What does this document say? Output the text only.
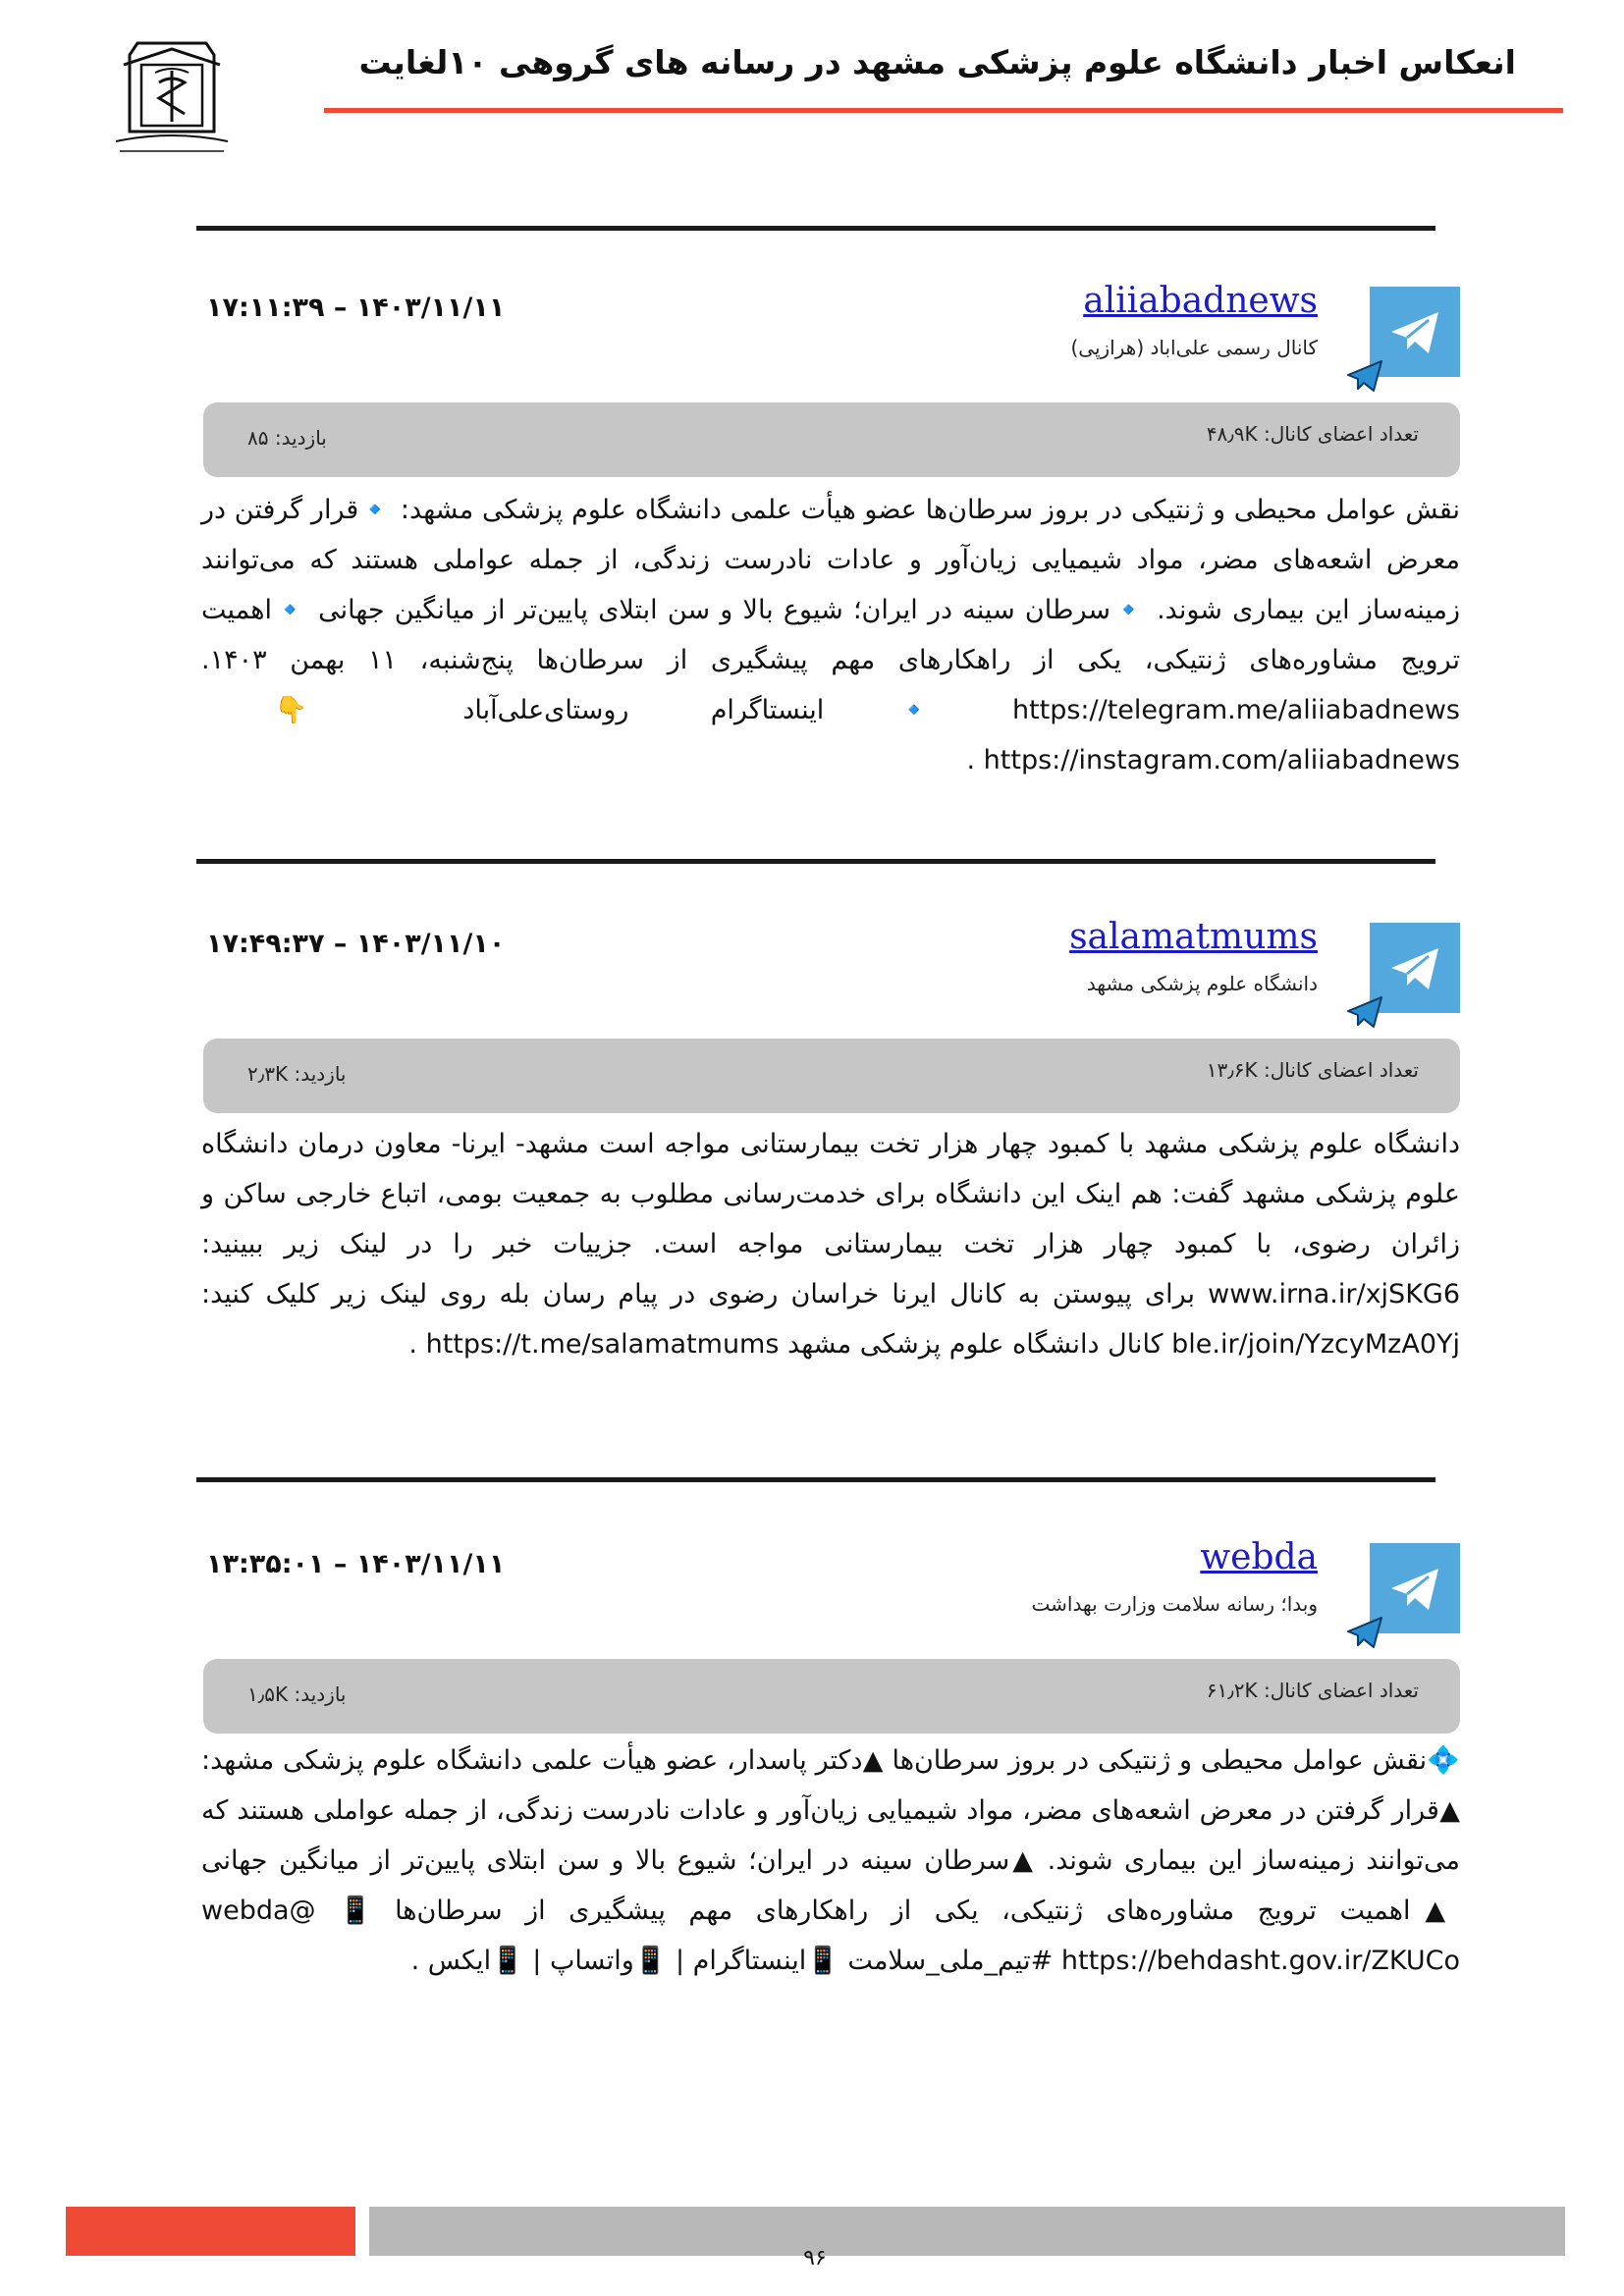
انعکاس اخبار دانشگاه علوم پزشکی مشهد در رسانه های گروهی ۱۰لغایت
aliiabadnews
کانال رسمی علی‌اباد (هرازپی)
۱۷:۱۱:۳۹ – ۱۴۰۳/۱۱/۱۱
تعداد اعضای کانال: ۴۸٫۹K
بازدید: ۸۵

نقش عوامل محیطی و ژنتیکی در بروز سرطان‌ها عضو هیأت علمی دانشگاه علوم پزشکی مشهد: 🔹قرار گرفتن در معرض اشعه‌های مضر، مواد شیمیایی زیان‌آور و عادات نادرست زندگی، از جمله عواملی هستند که می‌توانند زمینه‌ساز این بیماری شوند. 🔹سرطان سینه در ایران؛ شیوع بالا و سن ابتلای پایین‌تر از میانگین جهانی 🔹اهمیت ترویج مشاوره‌های ژنتیکی، یکی از راهکارهای مهم پیشگیری از سرطان‌ها پنج‌شنبه، ۱۱ بهمن ۱۴۰۳. https://telegram.me/aliiabadnews 🔹اینستاگرام روستای‌علی‌آباد 👇 https://instagram.com/aliiabadnews .

salamatmums
دانشگاه علوم پزشکی مشهد
۱۷:۴۹:۳۷ – ۱۴۰۳/۱۱/۱۰
تعداد اعضای کانال: ۱۳٫۶K
بازدید: ۲٫۳K

دانشگاه علوم پزشکی مشهد با کمبود چهار هزار تخت بیمارستانی مواجه است مشهد- ایرنا- معاون درمان دانشگاه علوم پزشکی مشهد گفت: هم اینک این دانشگاه برای خدمت‌رسانی مطلوب به جمعیت بومی، اتباع خارجی ساکن و زائران رضوی، با کمبود چهار هزار تخت بیمارستانی مواجه است. جزییات خبر را در لینک زیر ببینید: www.irna.ir/xjSKG6 برای پیوستن به کانال ایرنا خراسان رضوی در پیام رسان بله روی لینک زیر کلیک کنید: ble.ir/join/YzcyMzA0Yj کانال دانشگاه علوم پزشکی مشهد https://t.me/salamatmums .

webda
وبدا؛ رسانه سلامت وزارت بهداشت
۱۳:۳۵:۰۱ – ۱۴۰۳/۱۱/۱۱
تعداد اعضای کانال: ۶۱٫۲K
بازدید: ۱٫۵K

💠نقش عوامل محیطی و ژنتیکی در بروز سرطان‌ها ▲دکتر پاسدار، عضو هیأت علمی دانشگاه علوم پزشکی مشهد: ▲قرار گرفتن در معرض اشعه‌های مضر، مواد شیمیایی زیان‌آور و عادات نادرست زندگی، از جمله عواملی هستند که می‌توانند زمینه‌ساز این بیماری شوند. ▲سرطان سینه در ایران؛ شیوع بالا و سن ابتلای پایین‌تر از میانگین جهانی ▲اهمیت ترویج مشاوره‌های ژنتیکی، یکی از راهکارهای مهم پیشگیری از سرطان‌ها webda@ 📱 https://behdasht.gov.ir/ZKUCo #تیم_ملی_سلامت 📱اینستاگرام | 📱واتساپ | 📱ایکس .

۹۶
